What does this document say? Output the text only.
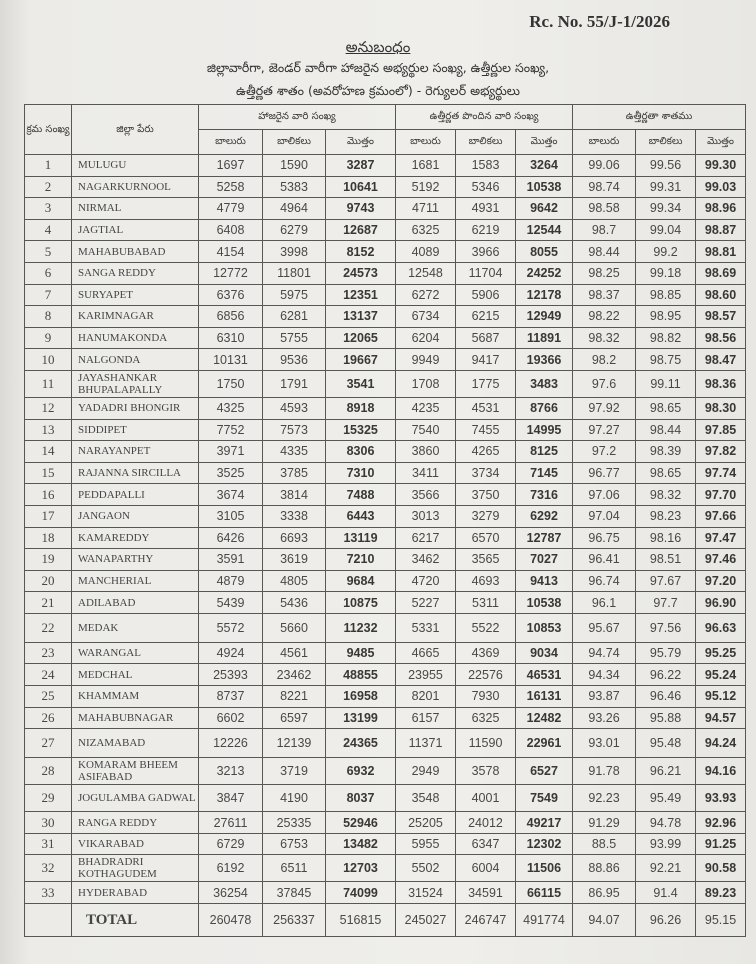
Rc. No. 55/J-1/2026
అనుబంధం
జిల్లావారీగా, జెండర్ వారీగా హాజరైన అభ్యర్థుల సంఖ్య, ఉత్తీర్ణుల సంఖ్య,
ఉత్తీర్ణత శాతం (అవరోహణ క్రమంలో) - రెగ్యులర్ అభ్యర్థులు
క్రమ సంఖ్య	జిల్లా పేరు	హాజరైన వారి సంఖ్య			ఉత్తీర్ణత పొందిన వారి సంఖ్య			ఉత్తీర్ణతా శాతము		
		బాలురు	బాలికలు	మొత్తం	బాలురు	బాలికలు	మొత్తం	బాలురు	బాలికలు	మొత్తం
1	MULUGU	1697	1590	3287	1681	1583	3264	99.06	99.56	99.30
2	NAGARKURNOOL	5258	5383	10641	5192	5346	10538	98.74	99.31	99.03
3	NIRMAL	4779	4964	9743	4711	4931	9642	98.58	99.34	98.96
4	JAGTIAL	6408	6279	12687	6325	6219	12544	98.7	99.04	98.87
5	MAHABUBABAD	4154	3998	8152	4089	3966	8055	98.44	99.2	98.81
6	SANGA REDDY	12772	11801	24573	12548	11704	24252	98.25	99.18	98.69
7	SURYAPET	6376	5975	12351	6272	5906	12178	98.37	98.85	98.60
8	KARIMNAGAR	6856	6281	13137	6734	6215	12949	98.22	98.95	98.57
9	HANUMAKONDA	6310	5755	12065	6204	5687	11891	98.32	98.82	98.56
10	NALGONDA	10131	9536	19667	9949	9417	19366	98.2	98.75	98.47
11	JAYASHANKAR BHUPALAPALLY	1750	1791	3541	1708	1775	3483	97.6	99.11	98.36
12	YADADRI BHONGIR	4325	4593	8918	4235	4531	8766	97.92	98.65	98.30
13	SIDDIPET	7752	7573	15325	7540	7455	14995	97.27	98.44	97.85
14	NARAYANPET	3971	4335	8306	3860	4265	8125	97.2	98.39	97.82
15	RAJANNA SIRCILLA	3525	3785	7310	3411	3734	7145	96.77	98.65	97.74
16	PEDDAPALLI	3674	3814	7488	3566	3750	7316	97.06	98.32	97.70
17	JANGAON	3105	3338	6443	3013	3279	6292	97.04	98.23	97.66
18	KAMAREDDY	6426	6693	13119	6217	6570	12787	96.75	98.16	97.47
19	WANAPARTHY	3591	3619	7210	3462	3565	7027	96.41	98.51	97.46
20	MANCHERIAL	4879	4805	9684	4720	4693	9413	96.74	97.67	97.20
21	ADILABAD	5439	5436	10875	5227	5311	10538	96.1	97.7	96.90
22	MEDAK	5572	5660	11232	5331	5522	10853	95.67	97.56	96.63
23	WARANGAL	4924	4561	9485	4665	4369	9034	94.74	95.79	95.25
24	MEDCHAL	25393	23462	48855	23955	22576	46531	94.34	96.22	95.24
25	KHAMMAM	8737	8221	16958	8201	7930	16131	93.87	96.46	95.12
26	MAHABUBNAGAR	6602	6597	13199	6157	6325	12482	93.26	95.88	94.57
27	NIZAMABAD	12226	12139	24365	11371	11590	22961	93.01	95.48	94.24
28	KOMARAM BHEEM ASIFABAD	3213	3719	6932	2949	3578	6527	91.78	96.21	94.16
29	JOGULAMBA GADWAL	3847	4190	8037	3548	4001	7549	92.23	95.49	93.93
30	RANGA REDDY	27611	25335	52946	25205	24012	49217	91.29	94.78	92.96
31	VIKARABAD	6729	6753	13482	5955	6347	12302	88.5	93.99	91.25
32	BHADRADRI KOTHAGUDEM	6192	6511	12703	5502	6004	11506	88.86	92.21	90.58
33	HYDERABAD	36254	37845	74099	31524	34591	66115	86.95	91.4	89.23
	TOTAL	260478	256337	516815	245027	246747	491774	94.07	96.26	95.15
